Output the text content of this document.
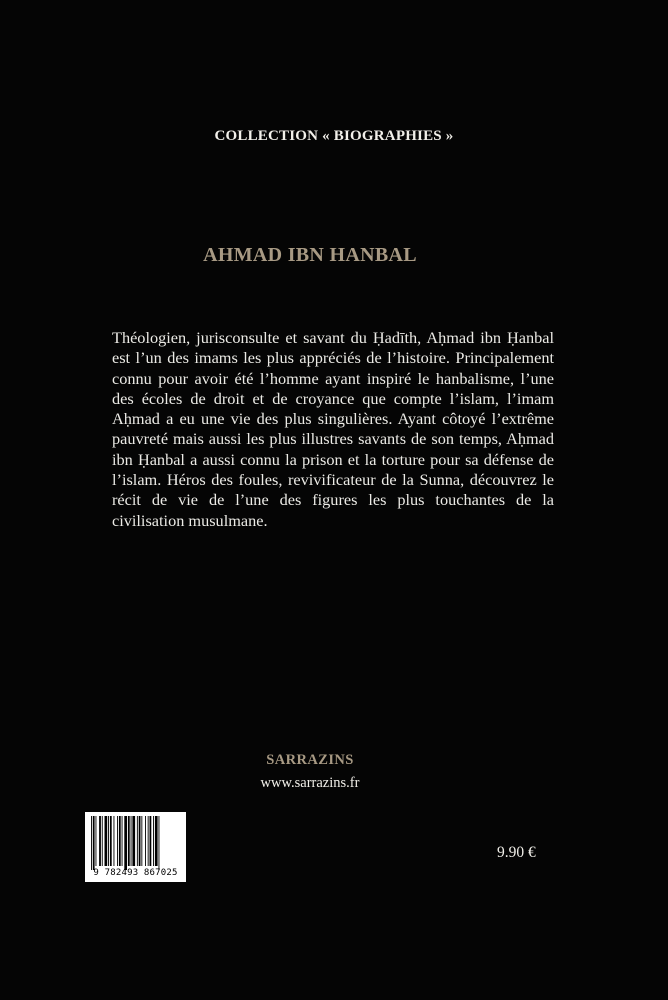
COLLECTION « BIOGRAPHIES »
AHMAD IBN HANBAL

Théologien, jurisconsulte et savant du Ḥadīth, Aḥmad ibn Ḥanbal est l’un des imams les plus appréciés de l’histoire. Principalement connu pour avoir été l’homme ayant inspiré le hanbalisme, l’une des écoles de droit et de croyance que compte l’islam, l’imam Aḥmad a eu une vie des plus singulières. Ayant côtoyé l’extrême pauvreté mais aussi les plus illustres savants de son temps, Aḥmad ibn Ḥanbal a aussi connu la prison et la torture pour sa défense de l’islam. Héros des foules, revivificateur de la Sunna, découvrez le récit de vie de l’une des figures les plus touchantes de la civilisation musulmane.

SARRAZINS
www.sarrazins.fr
9 782493 867025
9.90 €
